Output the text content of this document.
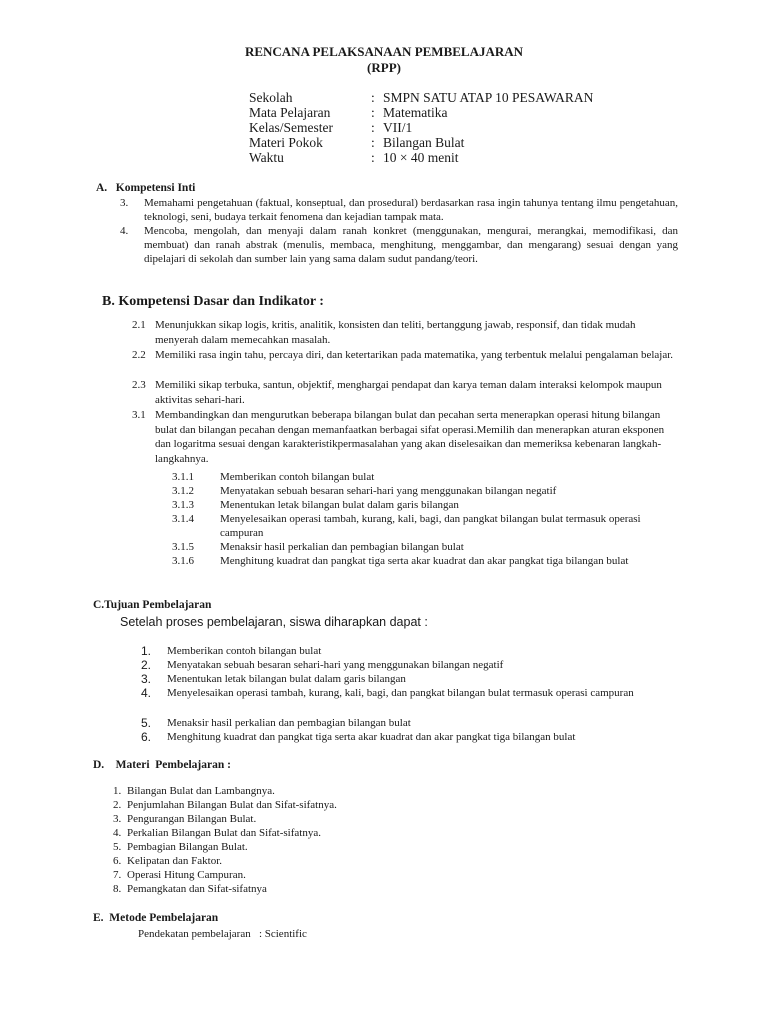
RENCANA PELAKSANAAN PEMBELAJARAN
(RPP)
Sekolah	: SMPN SATU ATAP 10 PESAWARAN
Mata Pelajaran	: Matematika
Kelas/Semester	: VII/1
Materi Pokok	: Bilangan Bulat
Waktu	: 10 × 40 menit
A.   Kompetensi Inti
3. Memahami pengetahuan (faktual, konseptual, dan prosedural) berdasarkan rasa ingin tahunya tentang ilmu pengetahuan, teknologi, seni, budaya terkait fenomena dan kejadian tampak mata.
4. Mencoba, mengolah, dan menyaji dalam ranah konkret (menggunakan, mengurai, merangkai, memodifikasi, dan membuat) dan ranah abstrak (menulis, membaca, menghitung, menggambar, dan mengarang) sesuai dengan yang dipelajari di sekolah dan sumber lain yang sama dalam sudut pandang/teori.
B. Kompetensi Dasar dan Indikator :
2.1 Menunjukkan sikap logis, kritis, analitik, konsisten dan teliti, bertanggung jawab, responsif, dan tidak mudah menyerah dalam memecahkan masalah.
2.2 Memiliki rasa ingin tahu, percaya diri, dan ketertarikan pada matematika, yang terbentuk melalui pengalaman belajar.
2.3 Memiliki sikap terbuka, santun, objektif, menghargai pendapat dan karya teman dalam interaksi kelompok maupun aktivitas sehari-hari.
3.1 Membandingkan dan mengurutkan beberapa bilangan bulat dan pecahan serta menerapkan operasi hitung bilangan bulat dan bilangan pecahan dengan memanfaatkan berbagai sifat operasi.Memilih dan menerapkan aturan eksponen dan logaritma sesuai dengan karakteristikpermasalahan yang akan diselesaikan dan memeriksa kebenaran langkah-langkahnya.
3.1.1 Memberikan contoh bilangan bulat
3.1.2 Menyatakan sebuah besaran sehari-hari yang menggunakan bilangan negatif
3.1.3 Menentukan letak bilangan bulat dalam garis bilangan
3.1.4 Menyelesaikan operasi tambah, kurang, kali, bagi, dan pangkat bilangan bulat termasuk operasi campuran
3.1.5 Menaksir hasil perkalian dan pembagian bilangan bulat
3.1.6 Menghitung kuadrat dan pangkat tiga serta akar kuadrat dan akar pangkat tiga bilangan bulat
C.Tujuan Pembelajaran
Setelah proses pembelajaran, siswa diharapkan dapat :
1. Memberikan contoh bilangan bulat
2. Menyatakan sebuah besaran sehari-hari yang menggunakan bilangan negatif
3. Menentukan letak bilangan bulat dalam garis bilangan
4. Menyelesaikan operasi tambah, kurang, kali, bagi, dan pangkat bilangan bulat termasuk operasi campuran
5. Menaksir hasil perkalian dan pembagian bilangan bulat
6. Menghitung kuadrat dan pangkat tiga serta akar kuadrat dan akar pangkat tiga bilangan bulat
D.    Materi  Pembelajaran :
1. Bilangan Bulat dan Lambangnya.
2. Penjumlahan Bilangan Bulat dan Sifat-sifatnya.
3. Pengurangan Bilangan Bulat.
4. Perkalian Bilangan Bulat dan Sifat-sifatnya.
5. Pembagian Bilangan Bulat.
6. Kelipatan dan Faktor.
7. Operasi Hitung Campuran.
8. Pemangkatan dan Sifat-sifatnya
E.  Metode Pembelajaran
Pendekatan pembelajaran   : Scientific
